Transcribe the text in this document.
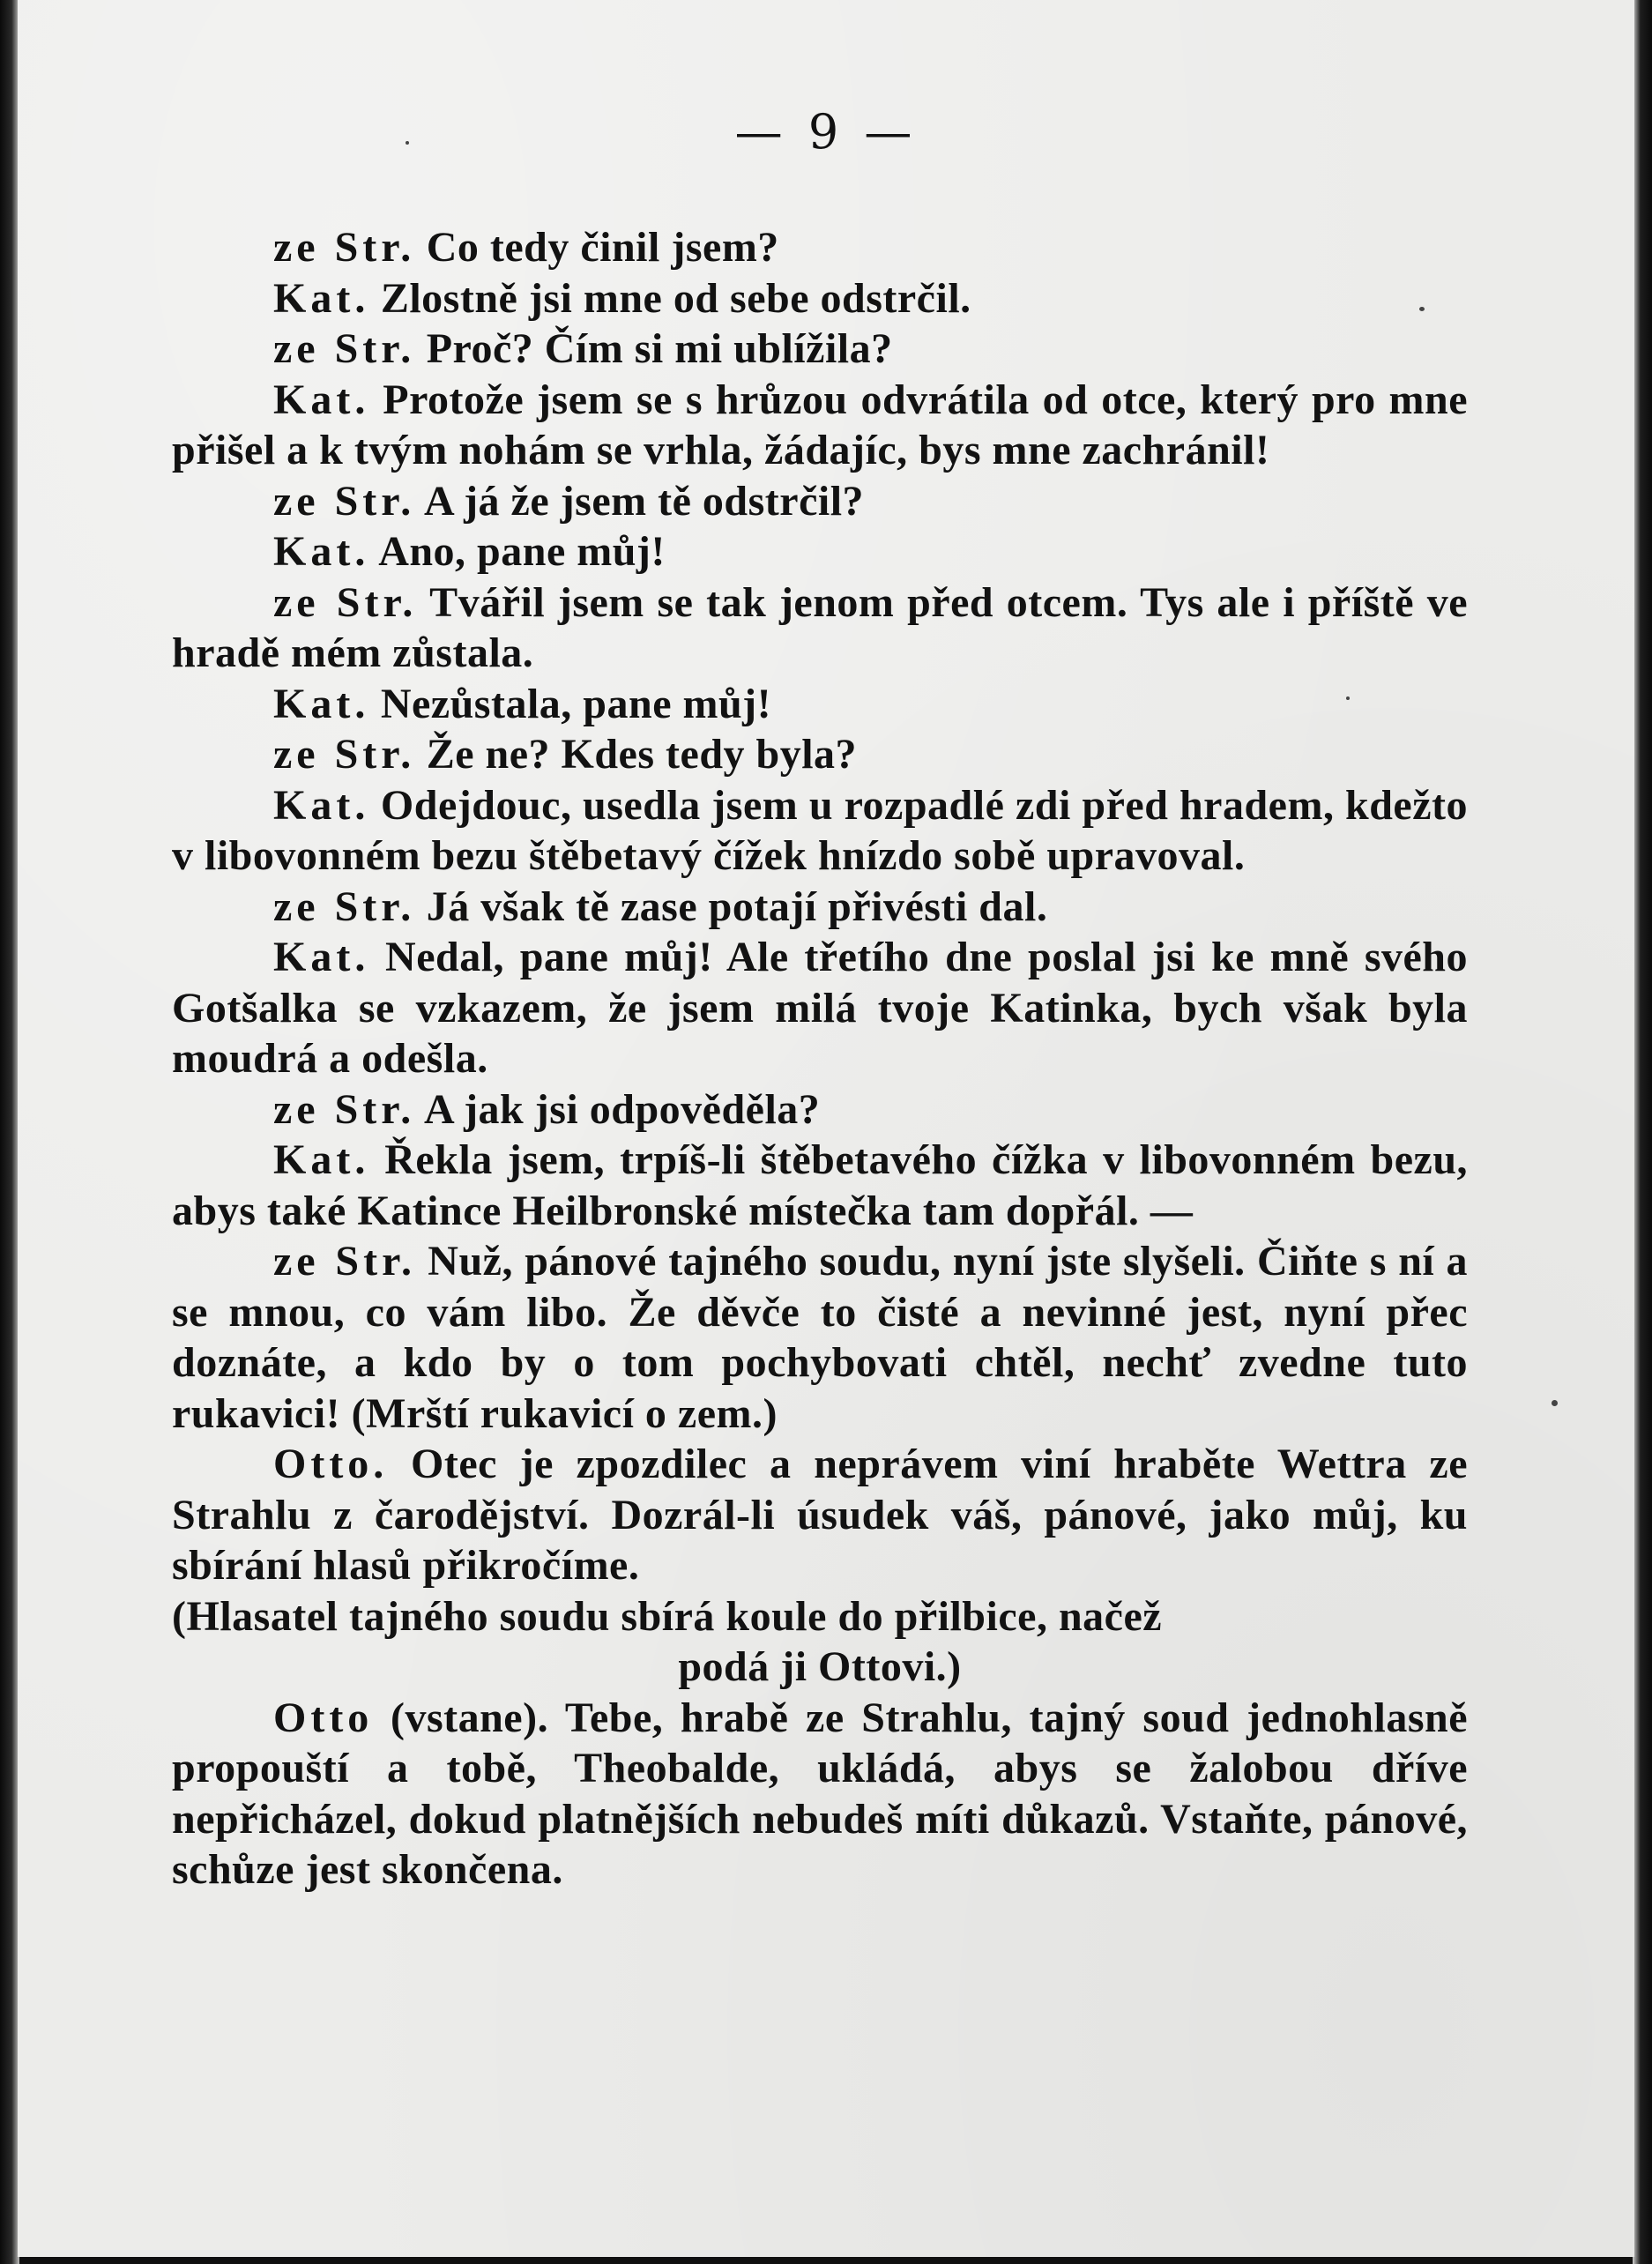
— 9 —

ze Str. Co tedy činil jsem?

Kat. Zlostně jsi mne od sebe odstrčil.

ze Str. Proč? Čím si mi ublížila?

Kat. Protože jsem se s hrůzou odvrátila od otce, který pro mne přišel a k tvým nohám se vrhla, žádajíc, bys mne zachránil!

ze Str. A já že jsem tě odstrčil?

Kat. Ano, pane můj!

ze Str. Tvářil jsem se tak jenom před otcem. Tys ale i příště ve hradě mém zůstala.

Kat. Nezůstala, pane můj!

ze Str. Že ne? Kdes tedy byla?

Kat. Odejdouc, usedla jsem u rozpadlé zdi před hradem, kdežto v libovonném bezu štěbetavý čížek hnízdo sobě upravoval.

ze Str. Já však tě zase potají přivésti dal.

Kat. Nedal, pane můj! Ale třetího dne poslal jsi ke mně svého Gotšalka se vzkazem, že jsem milá tvoje Katinka, bych však byla moudrá a odešla.

ze Str. A jak jsi odpověděla?

Kat. Řekla jsem, trpíš-li štěbetavého čížka v libovonném bezu, abys také Katince Heilbronské místečka tam dopřál. —

ze Str. Nuž, pánové tajného soudu, nyní jste slyšeli. Čiňte s ní a se mnou, co vám libo. Že děvče to čisté a nevinné jest, nyní přec doznáte, a kdo by o tom pochybovati chtěl, nechť zvedne tuto rukavici! (Mrští rukavicí o zem.)

Otto. Otec je zpozdilec a neprávem viní hraběte Wettra ze Strahlu z čarodějství. Dozrál-li úsudek váš, pánové, jako můj, ku sbírání hlasů přikročíme.

(Hlasatel tajného soudu sbírá koule do přilbice, načež

podá ji Ottovi.)

Otto (vstane). Tebe, hrabě ze Strahlu, tajný soud jednohlasně propouští a tobě, Theobalde, ukládá, abys se žalobou dříve nepřicházel, dokud platnějších nebudeš míti důkazů. Vstaňte, pánové, schůze jest skončena.
